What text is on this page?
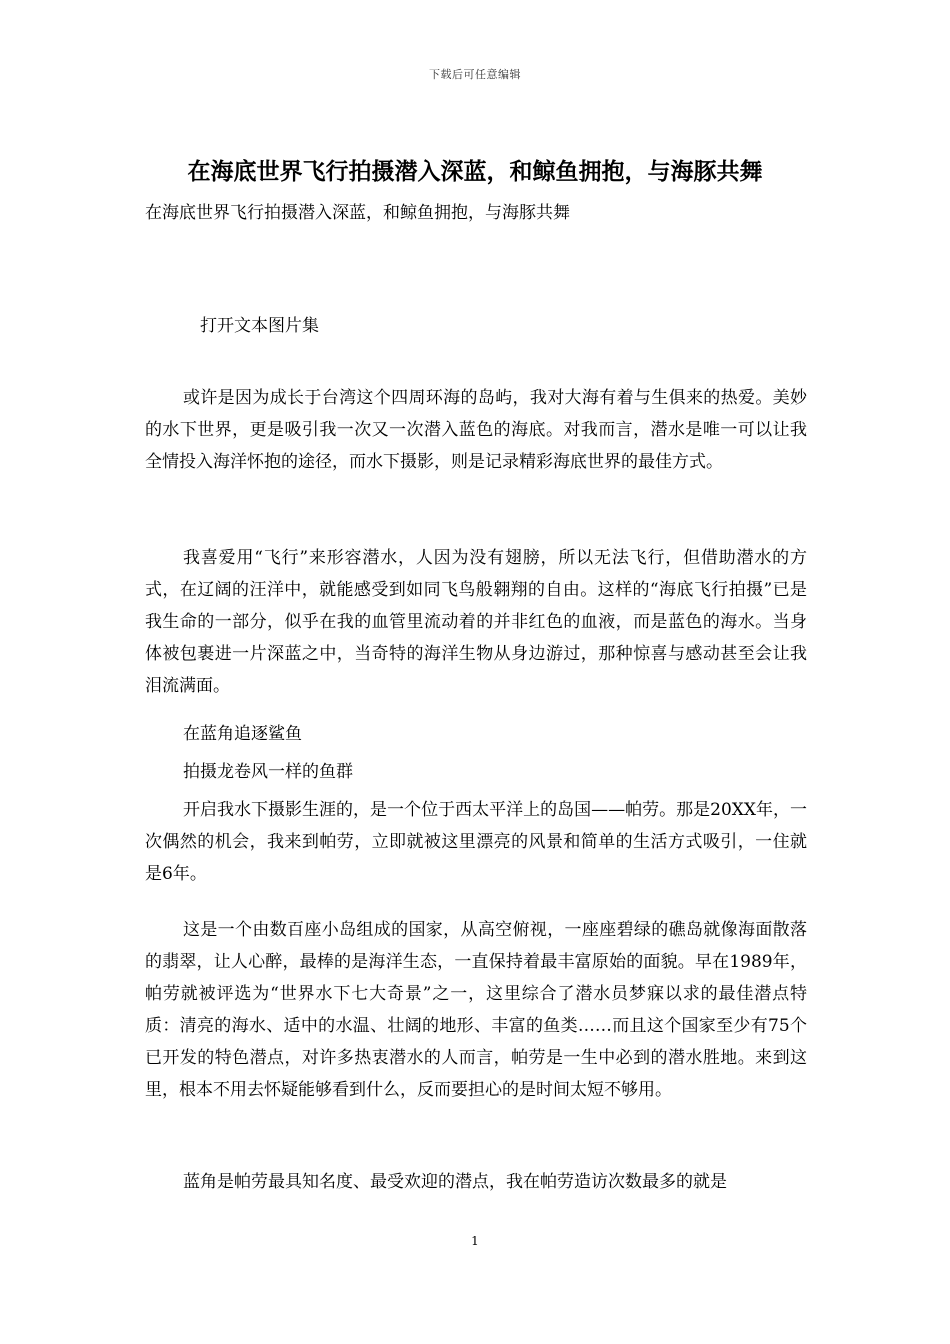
下载后可任意编辑
在海底世界飞行拍摄潜入深蓝，和鲸鱼拥抱，与海豚共舞
在海底世界飞行拍摄潜入深蓝，和鲸鱼拥抱，与海豚共舞
打开文本图片集

或许是因为成长于台湾这个四周环海的岛屿，我对大海有着与生俱来的热爱。美妙的水下世界，更是吸引我一次又一次潜入蓝色的海底。对我而言，潜水是唯一可以让我全情投入海洋怀抱的途径，而水下摄影，则是记录精彩海底世界的最佳方式。

我喜爱用“飞行”来形容潜水，人因为没有翅膀，所以无法飞行，但借助潜水的方式，在辽阔的汪洋中，就能感受到如同飞鸟般翱翔的自由。这样的“海底飞行拍摄”已是我生命的一部分，似乎在我的血管里流动着的并非红色的血液，而是蓝色的海水。当身体被包裹进一片深蓝之中，当奇特的海洋生物从身边游过，那种惊喜与感动甚至会让我泪流满面。

在蓝角追逐鲨鱼

拍摄龙卷风一样的鱼群

开启我水下摄影生涯的，是一个位于西太平洋上的岛国——帕劳。那是20XX年，一次偶然的机会，我来到帕劳，立即就被这里漂亮的风景和简单的生活方式吸引，一住就是6年。

这是一个由数百座小岛组成的国家，从高空俯视，一座座碧绿的礁岛就像海面散落的翡翠，让人心醉，最棒的是海洋生态，一直保持着最丰富原始的面貌。早在1989年，帕劳就被评选为“世界水下七大奇景”之一，这里综合了潜水员梦寐以求的最佳潜点特质：清亮的海水、适中的水温、壮阔的地形、丰富的鱼类……而且这个国家至少有75个已开发的特色潜点，对许多热衷潜水的人而言，帕劳是一生中必到的潜水胜地。来到这里，根本不用去怀疑能够看到什么，反而要担心的是时间太短不够用。

蓝角是帕劳最具知名度、最受欢迎的潜点，我在帕劳造访次数最多的就是

1
